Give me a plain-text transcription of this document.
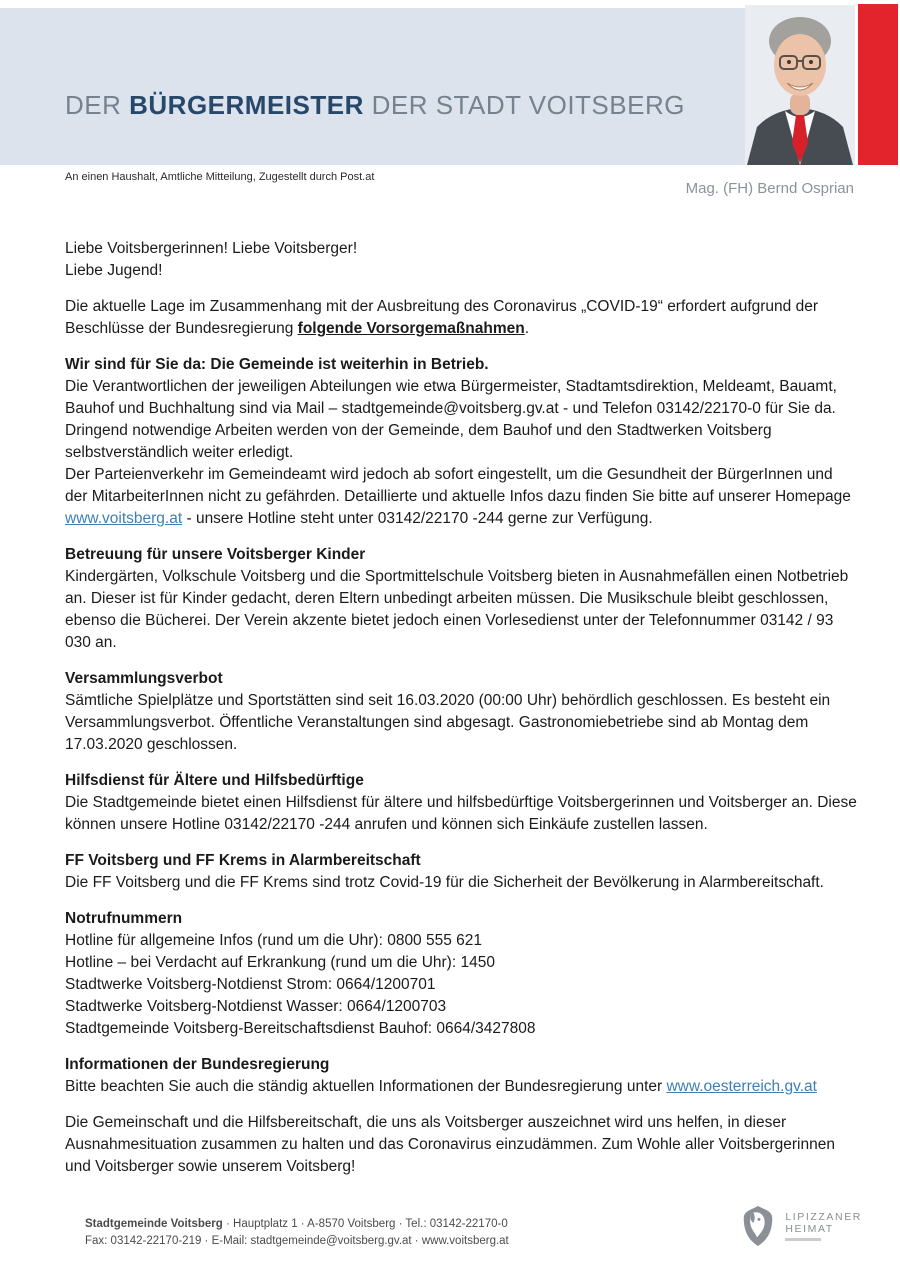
DER BÜRGERMEISTER DER STADT VOITSBERG
An einen Haushalt, Amtliche Mitteilung, Zugestellt durch Post.at
Mag. (FH) Bernd Osprian

Liebe Voitsbergerinnen! Liebe Voitsberger!

Liebe Jugend!

Die aktuelle Lage im Zusammenhang mit der Ausbreitung des Coronavirus „COVID-19“ erfordert aufgrund der Beschlüsse der Bundesregierung folgende Vorsorgemaßnahmen.

Wir sind für Sie da: Die Gemeinde ist weiterhin in Betrieb.

Die Verantwortlichen der jeweiligen Abteilungen wie etwa Bürgermeister, Stadtamtsdirektion, Meldeamt, Bauamt, Bauhof und Buchhaltung sind via Mail – stadtgemeinde@voitsberg.gv.at - und Telefon 03142/22170-0 für Sie da. Dringend notwendige Arbeiten werden von der Gemeinde, dem Bauhof und den Stadtwerken Voitsberg selbstverständlich weiter erledigt.

Der Parteienverkehr im Gemeindeamt wird jedoch ab sofort eingestellt, um die Gesundheit der BürgerInnen und der MitarbeiterInnen nicht zu gefährden. Detaillierte und aktuelle Infos dazu finden Sie bitte auf unserer Homepage www.voitsberg.at - unsere Hotline steht unter 03142/22170 -244 gerne zur Verfügung.

Betreuung für unsere Voitsberger Kinder

Kindergärten, Volkschule Voitsberg und die Sportmittelschule Voitsberg bieten in Ausnahmefällen einen Notbetrieb an. Dieser ist für Kinder gedacht, deren Eltern unbedingt arbeiten müssen. Die Musikschule bleibt geschlossen, ebenso die Bücherei. Der Verein akzente bietet jedoch einen Vorlesedienst unter der Telefonnummer 03142 / 93 030 an.

Versammlungsverbot

Sämtliche Spielplätze und Sportstätten sind seit 16.03.2020 (00:00 Uhr) behördlich geschlossen. Es besteht ein Versammlungsverbot. Öffentliche Veranstaltungen sind abgesagt. Gastronomiebetriebe sind ab Montag dem 17.03.2020 geschlossen.

Hilfsdienst für Ältere und Hilfsbedürftige

Die Stadtgemeinde bietet einen Hilfsdienst für ältere und hilfsbedürftige Voitsbergerinnen und Voitsberger an. Diese können unsere Hotline 03142/22170 -244 anrufen und können sich Einkäufe zustellen lassen.

FF Voitsberg und FF Krems in Alarmbereitschaft

Die FF Voitsberg und die FF Krems sind trotz Covid-19 für die Sicherheit der Bevölkerung in Alarmbereitschaft.

Notrufnummern

Hotline für allgemeine Infos (rund um die Uhr): 0800 555 621

Hotline – bei Verdacht auf Erkrankung (rund um die Uhr): 1450

Stadtwerke Voitsberg-Notdienst Strom: 0664/1200701

Stadtwerke Voitsberg-Notdienst Wasser: 0664/1200703

Stadtgemeinde Voitsberg-Bereitschaftsdienst Bauhof: 0664/3427808

Informationen der Bundesregierung

Bitte beachten Sie auch die ständig aktuellen Informationen der Bundesregierung unter www.oesterreich.gv.at

Die Gemeinschaft und die Hilfsbereitschaft, die uns als Voitsberger auszeichnet wird uns helfen, in dieser Ausnahmesituation zusammen zu halten und das Coronavirus einzudämmen. Zum Wohle aller Voitsbergerinnen und Voitsberger sowie unserem Voitsberg!

Stadtgemeinde Voitsberg · Hauptplatz 1 · A-8570 Voitsberg · Tel.: 03142-22170-0
Fax: 03142-22170-219 · E-Mail: stadtgemeinde@voitsberg.gv.at · www.voitsberg.at
LIPIZZANER
HEIMAT
